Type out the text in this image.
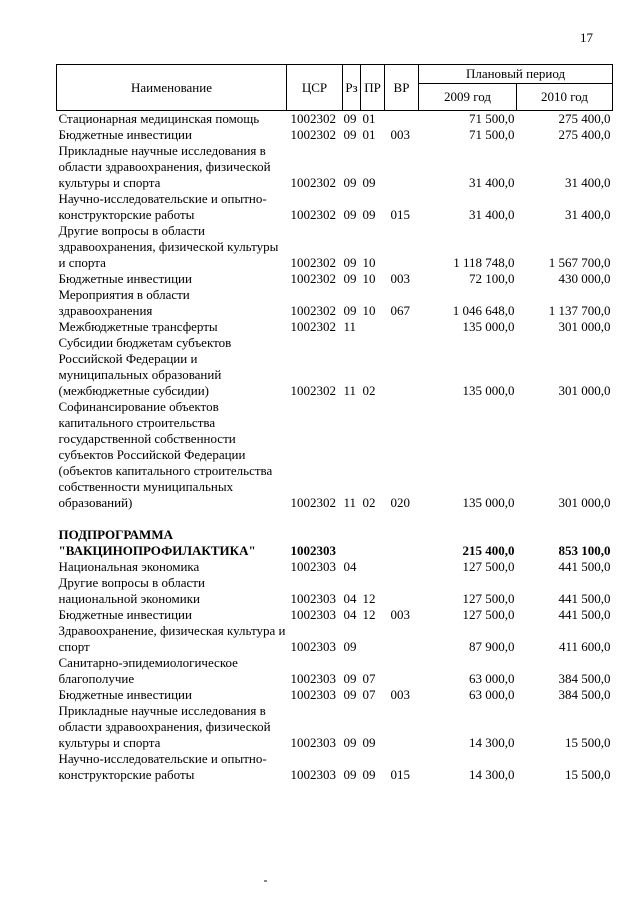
17
Наименование	ЦСР	Рз	ПР	ВР	Плановый период	
					2009 год	2010 год
Стационарная медицинская помощь	1002302	09	01		71 500,0	275 400,0
Бюджетные инвестиции	1002302	09	01	003	71 500,0	275 400,0
Прикладные научные исследования в области здравоохранения, физической культуры и спорта	1002302	09	09		31 400,0	31 400,0
Научно-исследовательские и опытно-конструкторские работы	1002302	09	09	015	31 400,0	31 400,0
Другие вопросы в области здравоохранения, физической культуры и спорта	1002302	09	10		1 118 748,0	1 567 700,0
Бюджетные инвестиции	1002302	09	10	003	72 100,0	430 000,0
Мероприятия в области здравоохранения	1002302	09	10	067	1 046 648,0	1 137 700,0
Межбюджетные трансферты	1002302	11			135 000,0	301 000,0
Субсидии бюджетам субъектов Российской Федерации и муниципальных образований (межбюджетные субсидии)	1002302	11	02		135 000,0	301 000,0
Софинансирование объектов капитального строительства государственной собственности субъектов Российской Федерации (объектов капитального строительства собственности муниципальных образований)	1002302	11	02	020	135 000,0	301 000,0

ПОДПРОГРАММА "ВАКЦИНОПРОФИЛАКТИКА"	1002303				215 400,0	853 100,0
Национальная экономика	1002303	04			127 500,0	441 500,0
Другие вопросы в области национальной экономики	1002303	04	12		127 500,0	441 500,0
Бюджетные инвестиции	1002303	04	12	003	127 500,0	441 500,0
Здравоохранение, физическая культура и спорт	1002303	09			87 900,0	411 600,0
Санитарно-эпидемиологическое благополучие	1002303	09	07		63 000,0	384 500,0
Бюджетные инвестиции	1002303	09	07	003	63 000,0	384 500,0
Прикладные научные исследования в области здравоохранения, физической культуры и спорта	1002303	09	09		14 300,0	15 500,0
Научно-исследовательские и опытно-конструкторские работы	1002303	09	09	015	14 300,0	15 500,0
